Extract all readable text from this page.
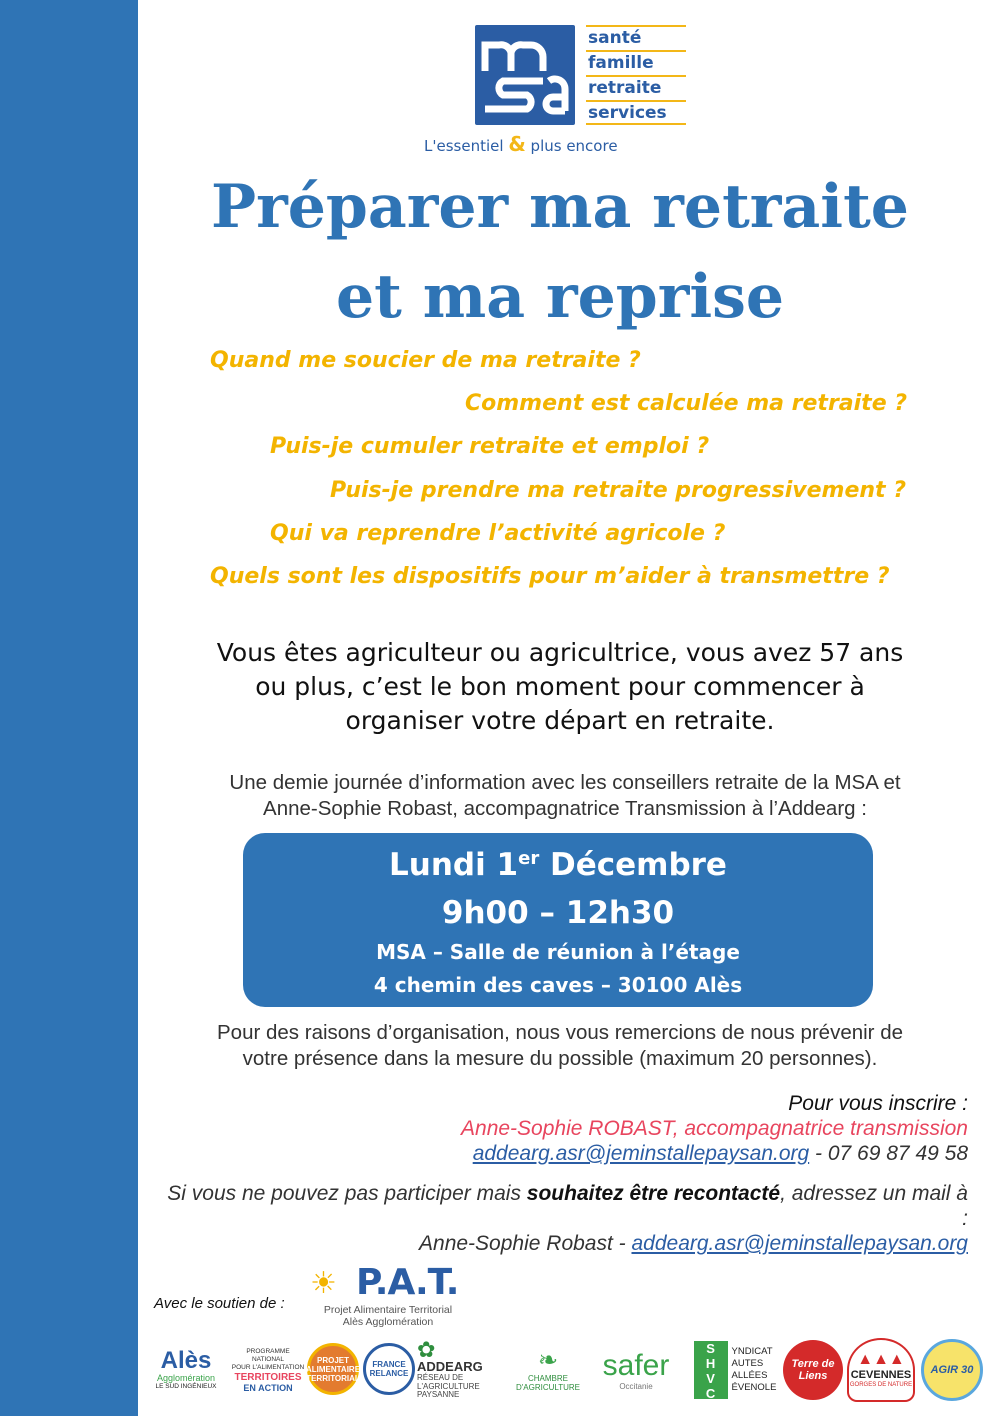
santé
famille
retraite
services
L'essentiel & plus encore
Préparer ma retraite
et ma reprise
Quand me soucier de ma retraite ?
Comment est calculée ma retraite ?
Puis-je cumuler retraite et emploi ?
Puis-je prendre ma retraite progressivement ?
Qui va reprendre l’activité agricole ?
Quels sont les dispositifs pour m’aider à transmettre ?
Vous êtes agriculteur ou agricultrice, vous avez 57 ans
ou plus, c’est le bon moment pour commencer à
organiser votre départ en retraite.
Une demie journée d’information avec les conseillers retraite de la MSA et
Anne-Sophie Robast, accompagnatrice Transmission à l’Addearg :
Lundi 1er Décembre
9h00 – 12h30
MSA – Salle de réunion à l’étage
4 chemin des caves – 30100 Alès
Pour des raisons d’organisation, nous vous remercions de nous prévenir de
votre présence dans la mesure du possible (maximum 20 personnes).
Pour vous inscrire :
Anne-Sophie ROBAST, accompagnatrice transmission
addearg.asr@jeminstallepaysan.org - 07 69 87 49 58
Si vous ne pouvez pas participer mais souhaitez être recontacté, adressez un mail à :
Anne-Sophie Robast - addearg.asr@jeminstallepaysan.org
Avec le soutien de :
☀ P.A.T.
Projet Alimentaire Territorial
Alès Agglomération
Alès
Agglomération
LE SUD INGÉNIEUX
PROGRAMME NATIONAL
POUR L'ALIMENTATION
TERRITOIRES
EN ACTION
PROJET ALIMENTAIRE TERRITORIAL
FRANCE RELANCE
✿
ADDEARG
RÉSEAU DE
L'AGRICULTURE
PAYSANNE
❧
CHAMBRE
D'AGRICULTURE
safer
Occitanie
S
H
V
C
YNDICAT
AUTES
ALLÉES
ÉVENOLE
Terre de Liens
▲▲▲
CEVENNES
GORGES DE NATURE
AGIR 30
